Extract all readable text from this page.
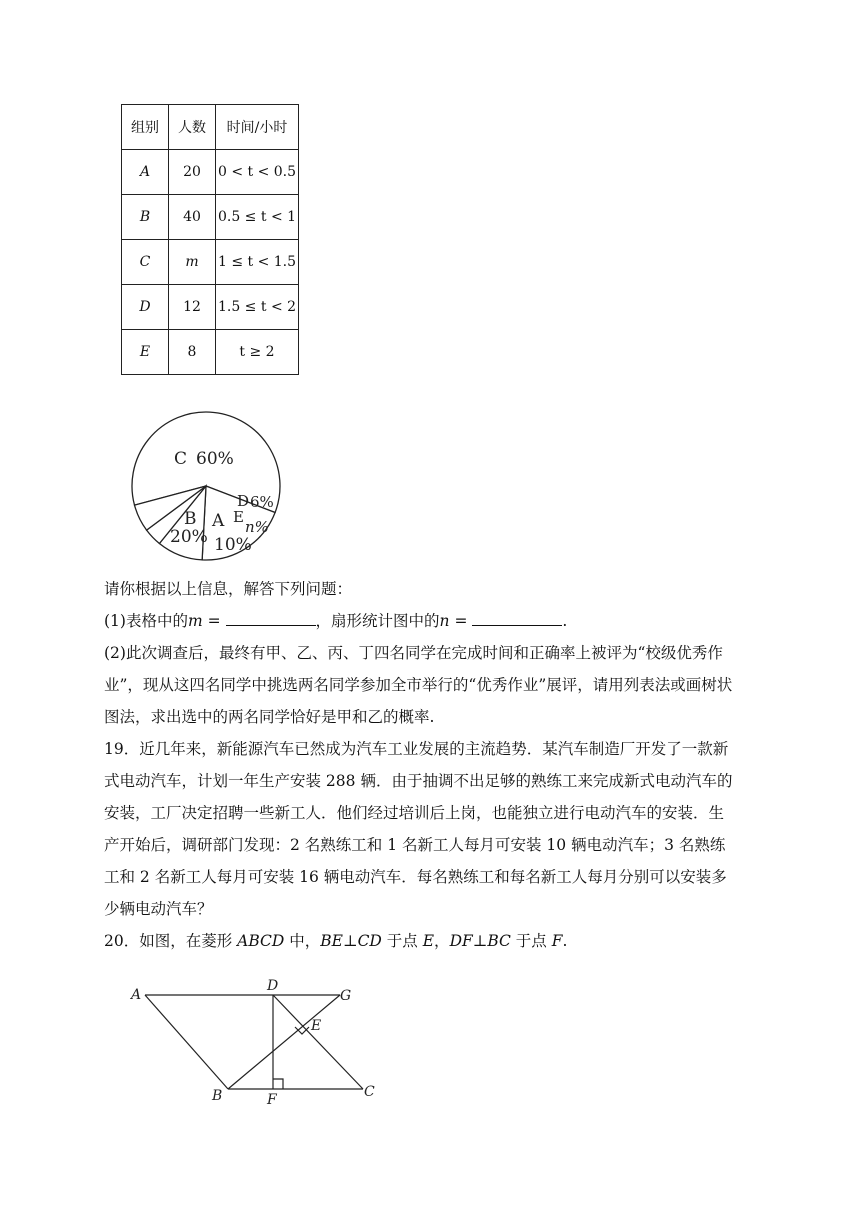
组别	人数	时间/小时
A	20	0 < t < 0.5
B	40	0.5 ≤ t < 1
C	m	1 ≤ t < 1.5
D	12	1.5 ≤ t < 2
E	8	t ≥ 2
C 60%
B
20%
A
10%
E
n%
D 6%

请你根据以上信息，解答下列问题：

(1)表格中的m =	，扇形统计图中的n =	.

(2)此次调查后，最终有甲、乙、丙、丁四名同学在完成时间和正确率上被评为“校级优秀作业”，现从这四名同学中挑选两名同学参加全市举行的“优秀作业”展评，请用列表法或画树状图法，求出选中的两名同学恰好是甲和乙的概率.

19．近几年来，新能源汽车已然成为汽车工业发展的主流趋势．某汽车制造厂开发了一款新式电动汽车，计划一年生产安装 288 辆．由于抽调不出足够的熟练工来完成新式电动汽车的安装，工厂决定招聘一些新工人．他们经过培训后上岗，也能独立进行电动汽车的安装．生产开始后，调研部门发现：2 名熟练工和 1 名新工人每月可安装 10 辆电动汽车；3 名熟练工和 2 名新工人每月可安装 16 辆电动汽车．每名熟练工和每名新工人每月分别可以安装多少辆电动汽车？

20．如图，在菱形 ABCD 中，BE⊥CD 于点 E，DF⊥BC 于点 F.

A
B	C
D
E
F
G
